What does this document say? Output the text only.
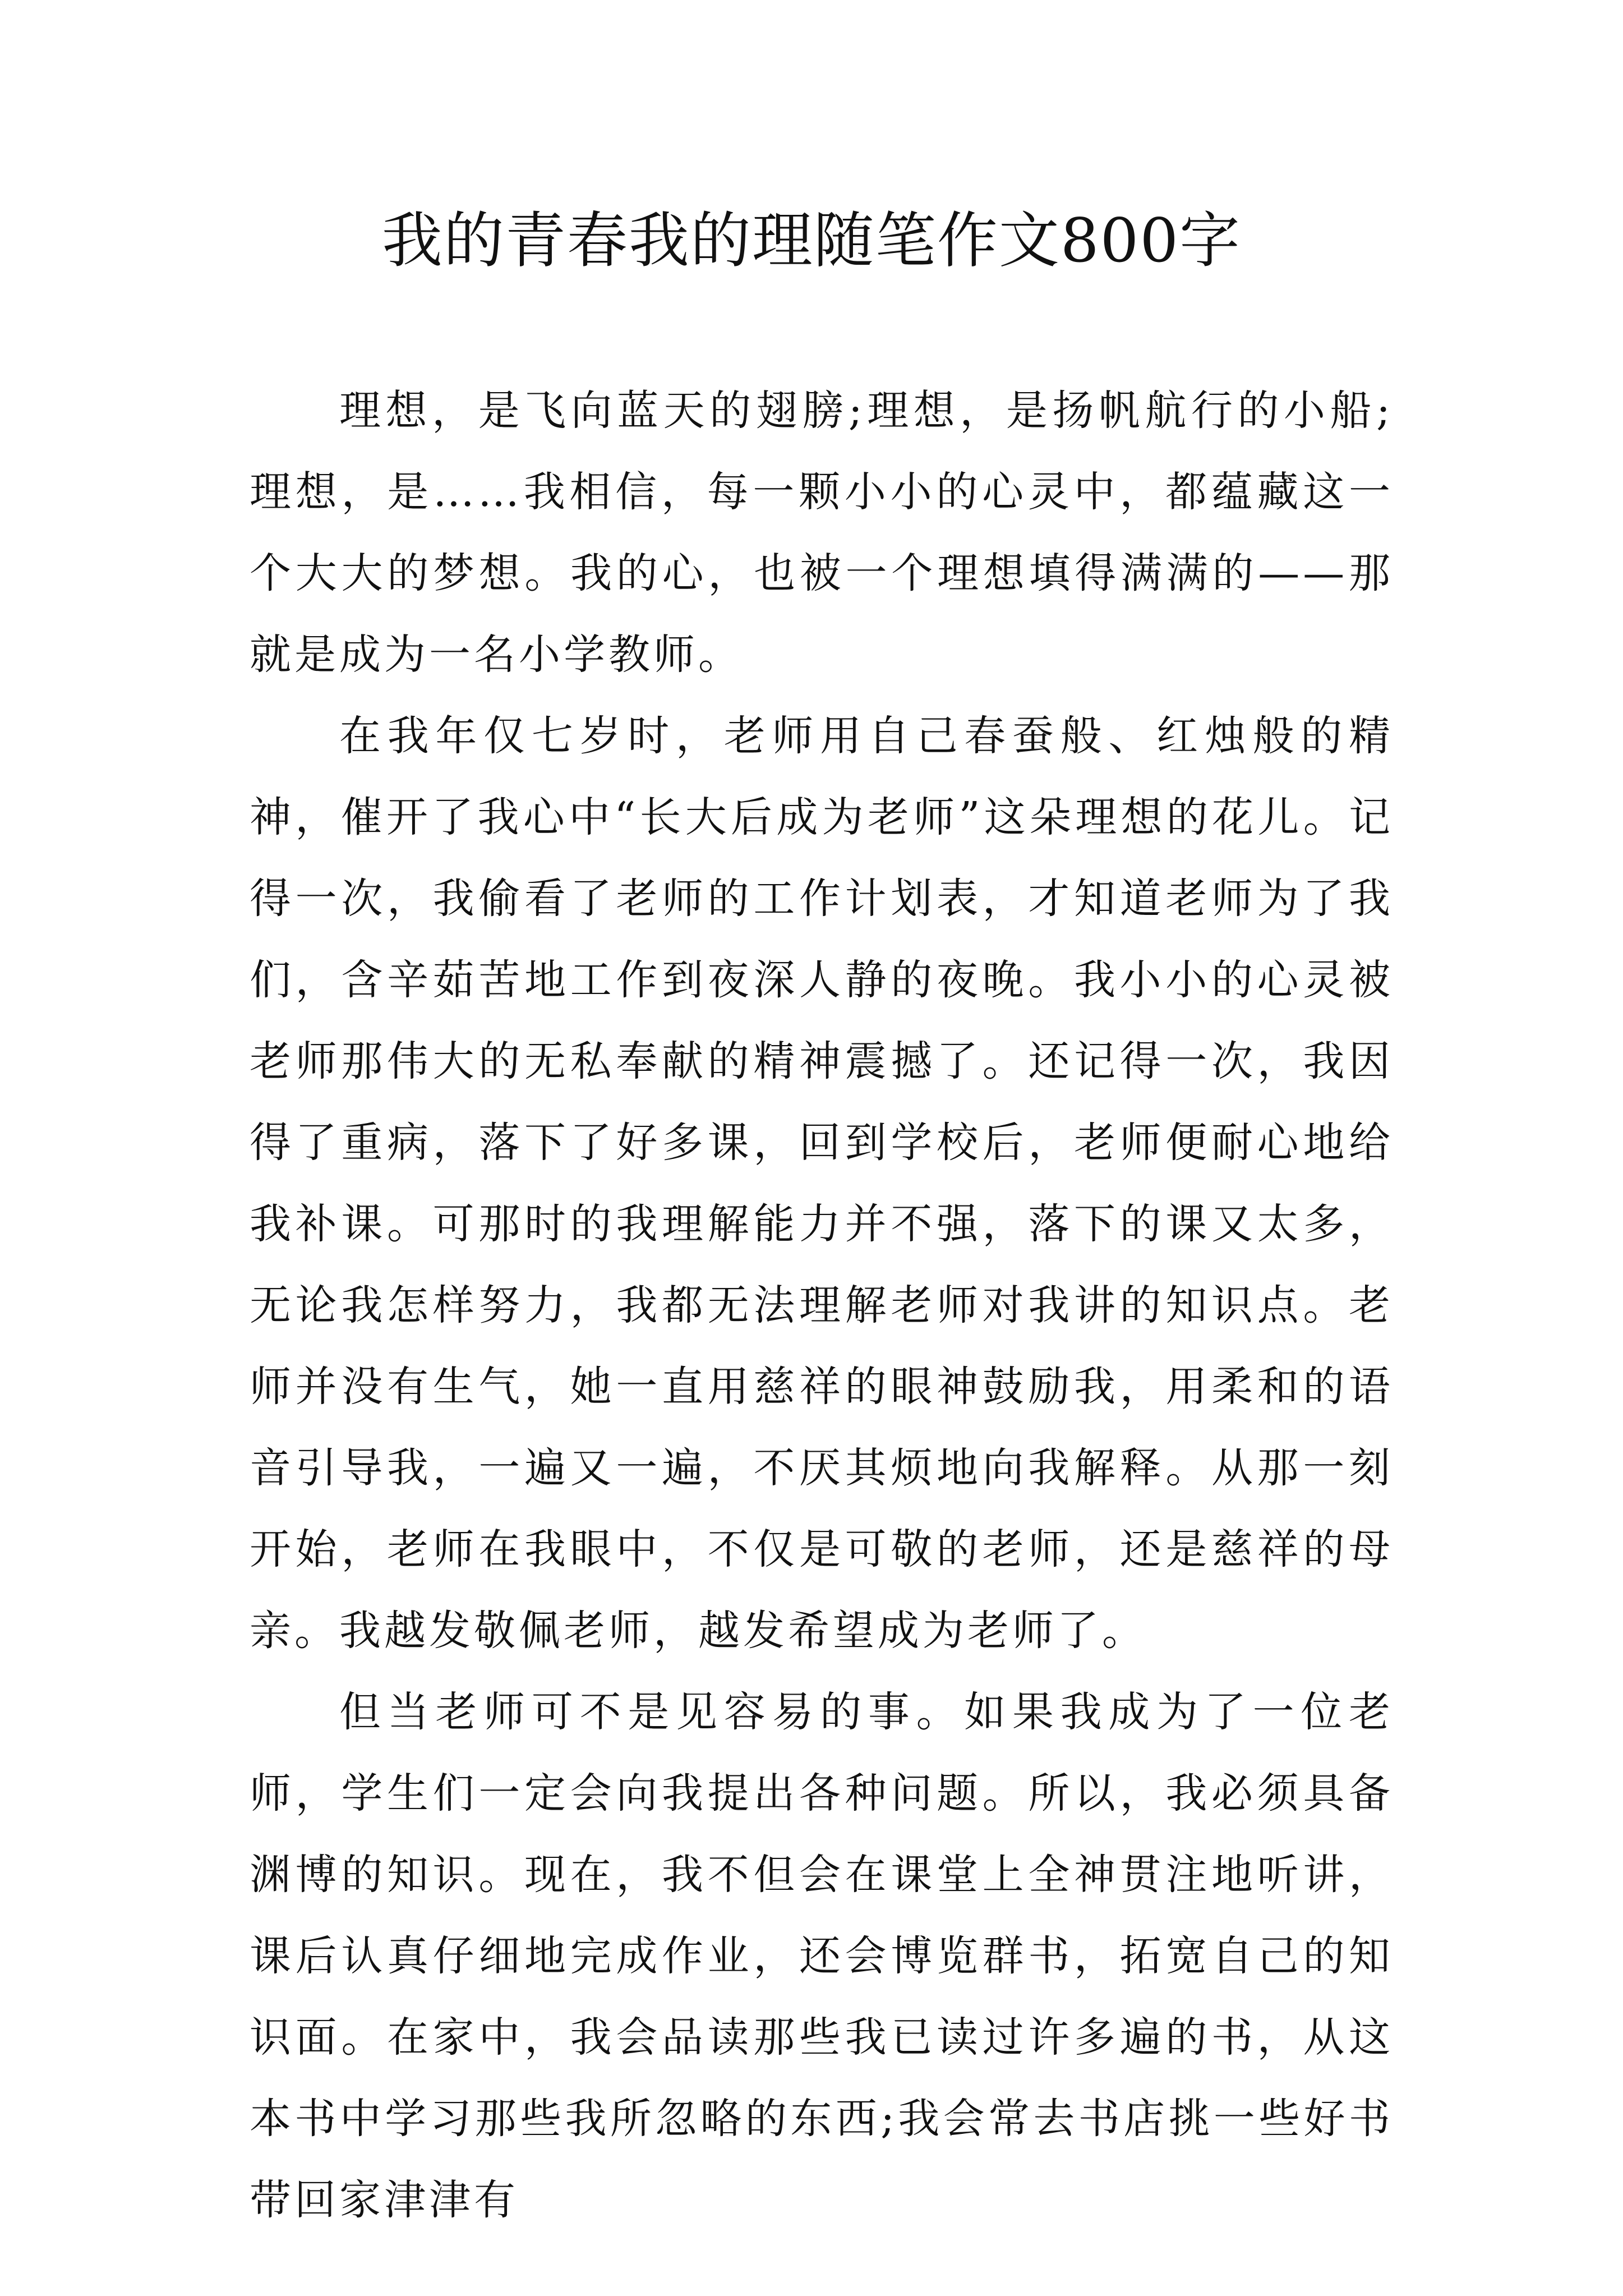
我的青春我的理随笔作文800字

理想，是飞向蓝天的翅膀;理想，是扬帆航行的小船;理想，是……我相信，每一颗小小的心灵中，都蕴藏这一个大大的梦想。我的心，也被一个理想填得满满的——那就是成为一名小学教师。

在我年仅七岁时，老师用自己春蚕般、红烛般的精神，催开了我心中“长大后成为老师”这朵理想的花儿。记得一次，我偷看了老师的工作计划表，才知道老师为了我们，含辛茹苦地工作到夜深人静的夜晚。我小小的心灵被老师那伟大的无私奉献的精神震撼了。还记得一次，我因得了重病，落下了好多课，回到学校后，老师便耐心地给我补课。可那时的我理解能力并不强，落下的课又太多，无论我怎样努力，我都无法理解老师对我讲的知识点。老师并没有生气，她一直用慈祥的眼神鼓励我，用柔和的语音引导我，一遍又一遍，不厌其烦地向我解释。从那一刻开始，老师在我眼中，不仅是可敬的老师，还是慈祥的母亲。我越发敬佩老师，越发希望成为老师了。

但当老师可不是见容易的事。如果我成为了一位老师，学生们一定会向我提出各种问题。所以，我必须具备渊博的知识。现在，我不但会在课堂上全神贯注地听讲，课后认真仔细地完成作业，还会博览群书，拓宽自己的知识面。在家中，我会品读那些我已读过许多遍的书，从这本书中学习那些我所忽略的东西;我会常去书店挑一些好书带回家津津有
